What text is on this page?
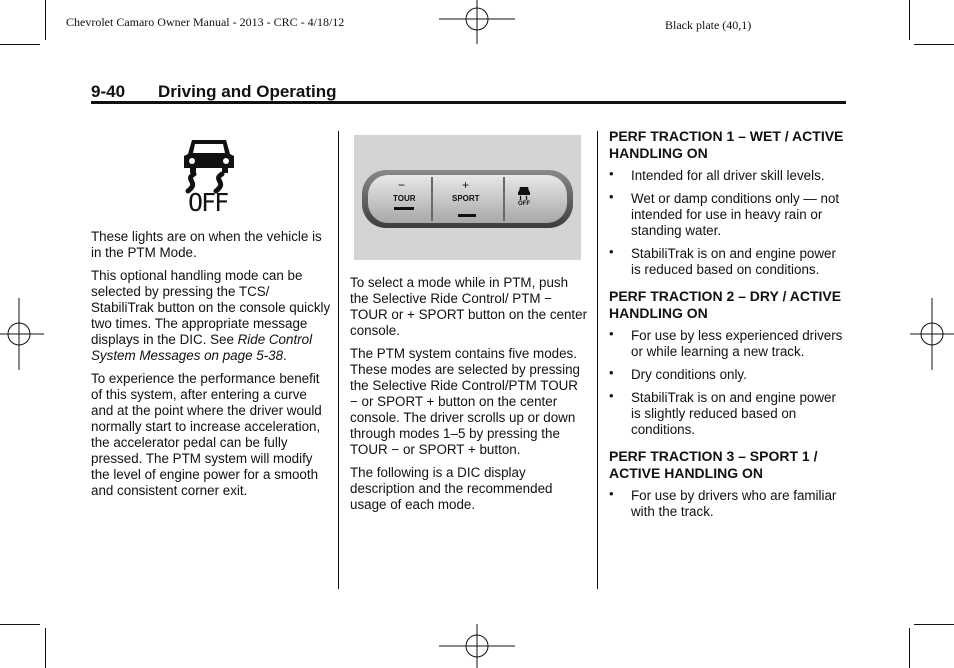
Chevrolet Camaro Owner Manual - 2013 - CRC - 4/18/12	Black plate (40,1)
9-40 Driving and Operating
OFF

These lights are on when the vehicle is in the PTM Mode.

This optional handling mode can be selected by pressing the TCS/ StabiliTrak button on the console quickly two times. The appropriate message displays in the DIC. See Ride Control System Messages on page 5-38.

To experience the performance benefit of this system, after entering a curve and at the point where the driver would normally start to increase acceleration, the accelerator pedal can be fully pressed. The PTM system will modify the level of engine power for a smooth and consistent corner exit.

−
TOUR
+
SPORT
OFF

To select a mode while in PTM, push the Selective Ride Control/ PTM − TOUR or + SPORT button on the center console.

The PTM system contains five modes. These modes are selected by pressing the Selective Ride Control/PTM TOUR − or SPORT + button on the center console. The driver scrolls up or down through modes 1–5 by pressing the TOUR − or SPORT + button.

The following is a DIC display description and the recommended usage of each mode.

PERF TRACTION 1 – WET / ACTIVE HANDLING ON
• Intended for all driver skill levels.
• Wet or damp conditions only — not intended for use in heavy rain or standing water.
• StabiliTrak is on and engine power is reduced based on conditions.
PERF TRACTION 2 – DRY / ACTIVE HANDLING ON
• For use by less experienced drivers or while learning a new track.
• Dry conditions only.
• StabiliTrak is on and engine power is slightly reduced based on conditions.
PERF TRACTION 3 – SPORT 1 / ACTIVE HANDLING ON
• For use by drivers who are familiar with the track.
